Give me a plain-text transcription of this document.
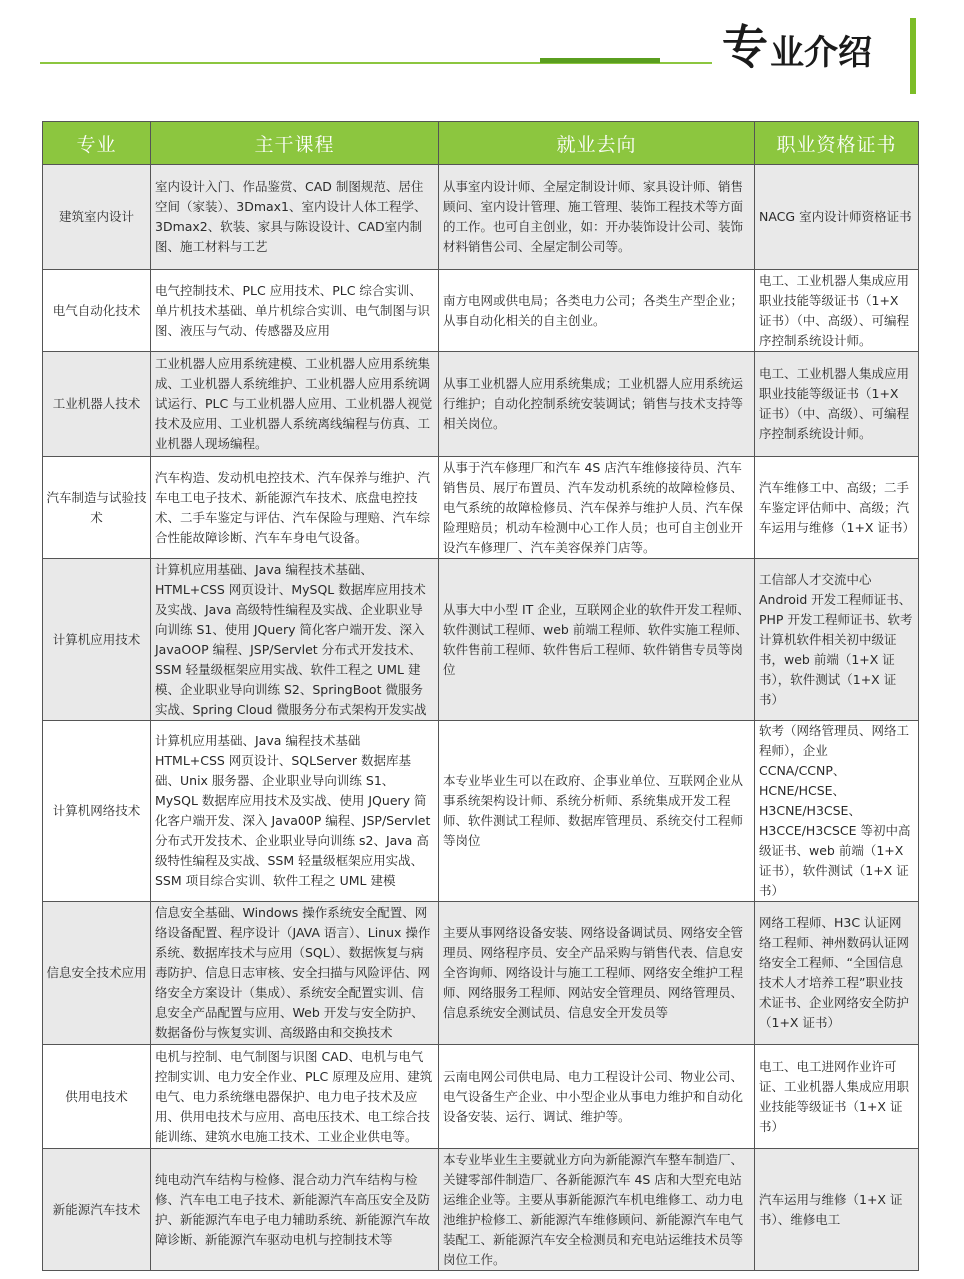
专 业介绍
专业	主干课程	就业去向	职业资格证书
建筑室内设计	室内设计入门、作品鉴赏、CAD 制图规范、居住空间（家装）、3Dmax1、室内设计人体工程学、3Dmax2、软装、家具与陈设设计、CAD室内制图、施工材料与工艺	从事室内设计师、全屋定制设计师、家具设计师、销售顾问、室内设计管理、施工管理、装饰工程技术等方面的工作。也可自主创业，如：开办装饰设计公司、装饰材料销售公司、全屋定制公司等。	NACG 室内设计师资格证书
电气自动化技术	电气控制技术、PLC 应用技术、PLC 综合实训、单片机技术基础、单片机综合实训、电气制图与识图、液压与气动、传感器及应用	南方电网或供电局；各类电力公司；各类生产型企业；从事自动化相关的自主创业。	电工、工业机器人集成应用职业技能等级证书（1+X 证书）（中、高级）、可编程序控制系统设计师。
工业机器人技术	工业机器人应用系统建模、工业机器人应用系统集成、工业机器人系统维护、工业机器人应用系统调试运行、PLC 与工业机器人应用、工业机器人视觉技术及应用、工业机器人系统离线编程与仿真、工业机器人现场编程。	从事工业机器人应用系统集成；工业机器人应用系统运行维护；自动化控制系统安装调试；销售与技术支持等相关岗位。	电工、工业机器人集成应用职业技能等级证书（1+X 证书）（中、高级）、可编程序控制系统设计师。
汽车制造与试验技术	汽车构造、发动机电控技术、汽车保养与维护、汽车电工电子技术、新能源汽车技术、底盘电控技术、二手车鉴定与评估、汽车保险与理赔、汽车综合性能故障诊断、汽车车身电气设备。	从事于汽车修理厂和汽车 4S 店汽车维修接待员、汽车销售员、展厅布置员、汽车发动机系统的故障检修员、电气系统的故障检修员、汽车保养与维护人员、汽车保险理赔员；机动车检测中心工作人员；也可自主创业开设汽车修理厂、汽车美容保养门店等。	汽车维修工中、高级；二手车鉴定评估师中、高级；汽车运用与维修（1+X 证书）
计算机应用技术	计算机应用基础、Java 编程技术基础、HTML+CSS 网页设计、MySQL 数据库应用技术及实战、Java 高级特性编程及实战、企业职业导向训练 S1、使用 JQuery 简化客户端开发、深入 JavaOOP 编程、JSP/Servlet 分布式开发技术、SSM 轻量级框架应用实战、软件工程之 UML 建模、企业职业导向训练 S2、SpringBoot 微服务实战、Spring Cloud 微服务分布式架构开发实战	从事大中小型 IT 企业，互联网企业的软件开发工程师、软件测试工程师、web 前端工程师、软件实施工程师、软件售前工程师、软件售后工程师、软件销售专员等岗位	工信部人才交流中心 Android 开发工程师证书、PHP 开发工程师证书、软考计算机软件相关初中级证书，web 前端（1+X 证书），软件测试（1+X 证书）
计算机网络技术	计算机应用基础、Java 编程技术基础 HTML+CSS 网页设计、SQLServer 数据库基础、Unix 服务器、企业职业导向训练 S1、MySQL 数据库应用技术及实战、使用 JQuery 简化客户端开发、深入 Java00P 编程、JSP/Servlet 分布式开发技术、企业职业导向训练 s2、Java 高级特性编程及实战、SSM 轻量级框架应用实战、SSM 项目综合实训、软件工程之 UML 建模	本专业毕业生可以在政府、企事业单位、互联网企业从事系统架构设计师、系统分析师、系统集成开发工程师、软件测试工程师、数据库管理员、系统交付工程师等岗位	软考（网络管理员、网络工程师），企业 CCNA/CCNP、HCNE/HCSE、H3CNE/H3CSE、H3CCE/H3CSCE 等初中高级证书、web 前端（1+X 证书），软件测试（1+X 证书）
信息安全技术应用	信息安全基础、Windows 操作系统安全配置、网络设备配置、程序设计（JAVA 语言）、Linux 操作系统、数据库技术与应用（SQL）、数据恢复与病毒防护、信息日志审核、安全扫描与风险评估、网络安全方案设计（集成）、系统安全配置实训、信息安全产品配置与应用、Web 开发与安全防护、数据备份与恢复实训、高级路由和交换技术	主要从事网络设备安装、网络设备调试员、网络安全管理员、网络程序员、安全产品采购与销售代表、信息安全咨询师、网络设计与施工工程师、网络安全维护工程师、网络服务工程师、网站安全管理员、网络管理员、信息系统安全测试员、信息安全开发员等	网络工程师、H3C 认证网络工程师、神州数码认证网络安全工程师、“全国信息技术人才培养工程”职业技术证书、企业网络安全防护（1+X 证书）
供用电技术	电机与控制、电气制图与识图 CAD、电机与电气控制实训、电力安全作业、PLC 原理及应用、建筑电气、电力系统继电器保护、电力电子技术及应用、供用电技术与应用、高电压技术、电工综合技能训练、建筑水电施工技术、工业企业供电等。	云南电网公司供电局、电力工程设计公司、物业公司、电气设备生产企业、中小型企业从事电力维护和自动化设备安装、运行、调试、维护等。	电工、电工进网作业许可证、工业机器人集成应用职业技能等级证书（1+X 证书）
新能源汽车技术	纯电动汽车结构与检修、混合动力汽车结构与检修、汽车电工电子技术、新能源汽车高压安全及防护、新能源汽车电子电力辅助系统、新能源汽车故障诊断、新能源汽车驱动电机与控制技术等	本专业毕业生主要就业方向为新能源汽车整车制造厂、关键零部件制造厂、各新能源汽车 4S 店和大型充电站运维企业等。主要从事新能源汽车机电维修工、动力电池维护检修工、新能源汽车维修顾问、新能源汽车电气装配工、新能源汽车安全检测员和充电站运维技术员等岗位工作。	汽车运用与维修（1+X 证书）、维修电工
